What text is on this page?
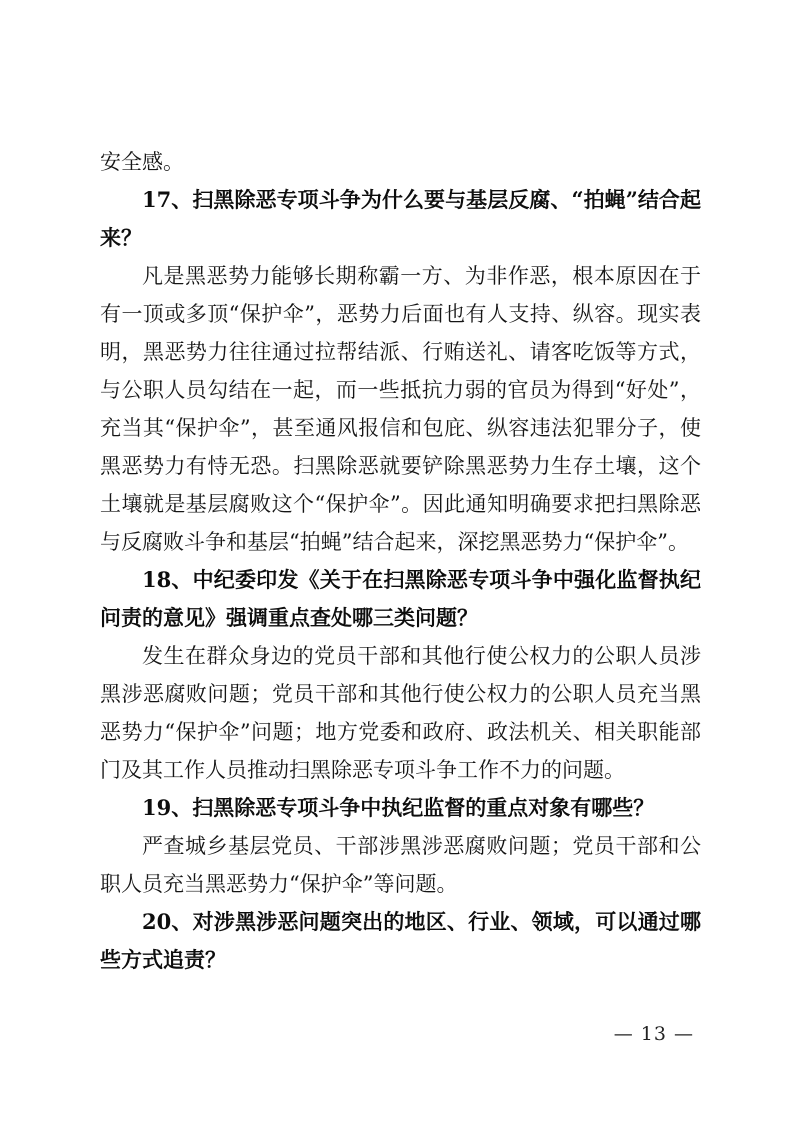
安全感。

17、扫黑除恶专项斗争为什么要与基层反腐、“拍蝇”结合起来？

凡是黑恶势力能够长期称霸一方、为非作恶，根本原因在于有一顶或多顶“保护伞”，恶势力后面也有人支持、纵容。现实表明，黑恶势力往往通过拉帮结派、行贿送礼、请客吃饭等方式，与公职人员勾结在一起，而一些抵抗力弱的官员为得到“好处”，充当其“保护伞”，甚至通风报信和包庇、纵容违法犯罪分子，使黑恶势力有恃无恐。扫黑除恶就要铲除黑恶势力生存土壤，这个土壤就是基层腐败这个“保护伞”。因此通知明确要求把扫黑除恶与反腐败斗争和基层“拍蝇”结合起来，深挖黑恶势力“保护伞”。

18、中纪委印发《关于在扫黑除恶专项斗争中强化监督执纪问责的意见》强调重点查处哪三类问题？

发生在群众身边的党员干部和其他行使公权力的公职人员涉黑涉恶腐败问题；党员干部和其他行使公权力的公职人员充当黑恶势力“保护伞”问题；地方党委和政府、政法机关、相关职能部门及其工作人员推动扫黑除恶专项斗争工作不力的问题。

19、扫黑除恶专项斗争中执纪监督的重点对象有哪些？

严查城乡基层党员、干部涉黑涉恶腐败问题；党员干部和公职人员充当黑恶势力“保护伞”等问题。

20、对涉黑涉恶问题突出的地区、行业、领域，可以通过哪些方式追责？

— 13 —
